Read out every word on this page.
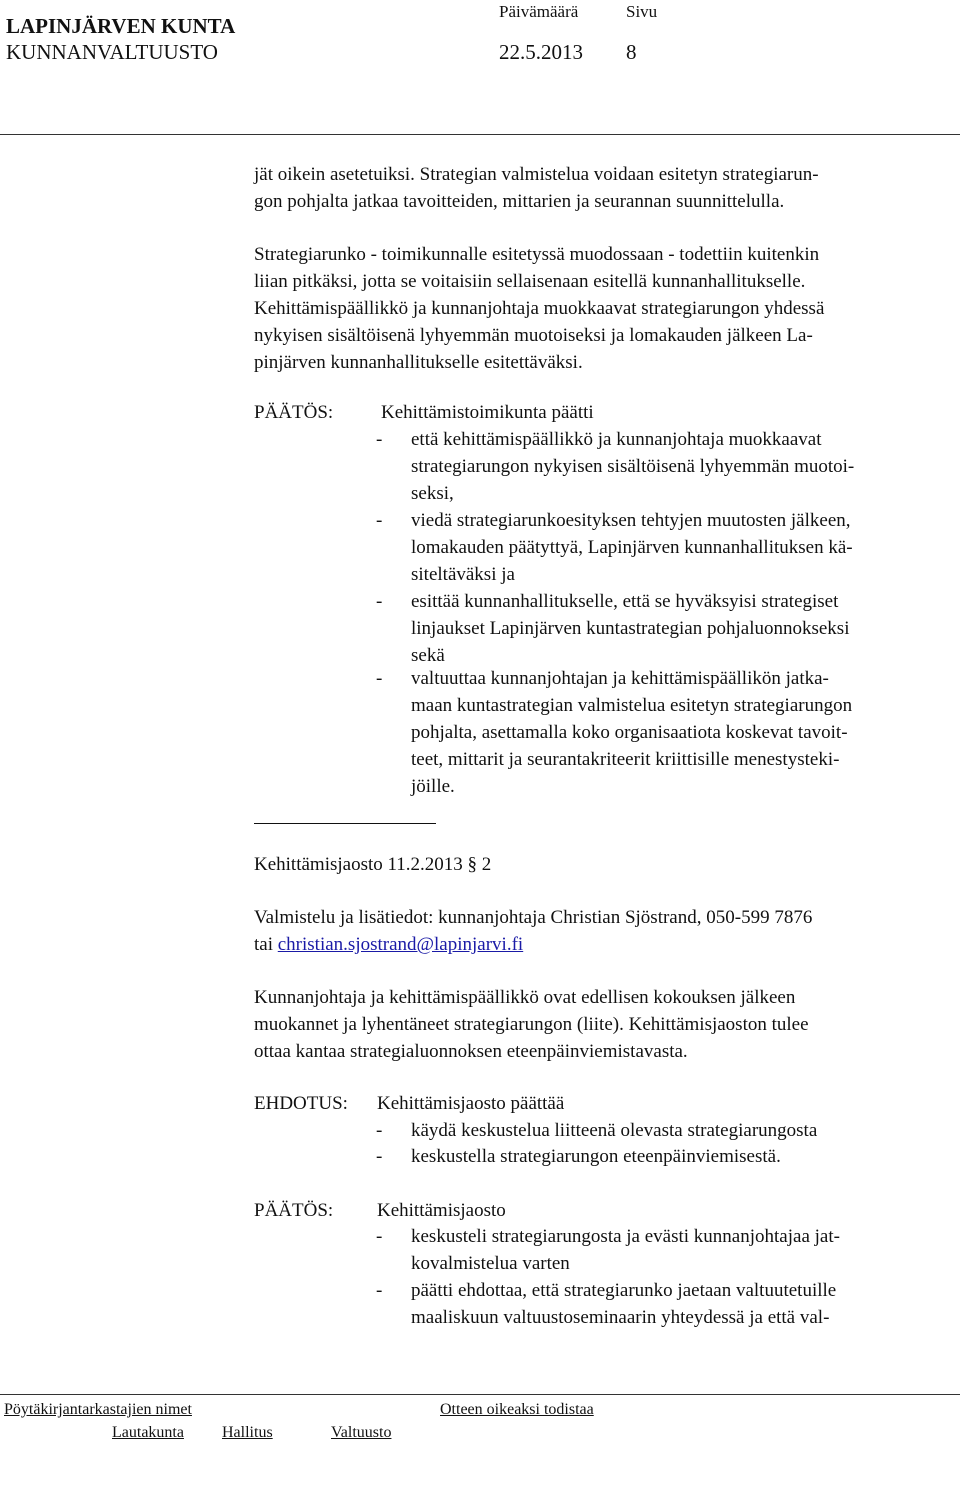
LAPINJÄRVEN KUNTA
KUNNANVALTUUSTO
Päivämäärä	Sivu
22.5.2013 8
jät oikein asetetuiksi. Strategian valmistelua voidaan esitetyn strategiarun-
gon pohjalta jatkaa tavoitteiden, mittarien ja seurannan suunnittelulla.
Strategiarunko - toimikunnalle esitetyssä muodossaan - todettiin kuitenkin
liian pitkäksi, jotta se voitaisiin sellaisenaan esitellä kunnanhallitukselle.
Kehittämispäällikkö ja kunnanjohtaja muokkaavat strategiarungon yhdessä
nykyisen sisältöisenä lyhyemmän muotoiseksi ja lomakauden jälkeen La-
pinjärven kunnanhallitukselle esitettäväksi.
PÄÄTÖS:	Kehittämistoimikunta päätti
- että kehittämispäällikkö ja kunnanjohtaja muokkaavat
strategiarungon nykyisen sisältöisenä lyhyemmän muotoi-
seksi,
- viedä strategiarunkoesityksen tehtyjen muutosten jälkeen,
lomakauden päätyttyä, Lapinjärven kunnanhallituksen kä-
siteltäväksi ja
- esittää kunnanhallitukselle, että se hyväksyisi strategiset
linjaukset Lapinjärven kuntastrategian pohjaluonnokseksi
sekä
- valtuuttaa kunnanjohtajan ja kehittämispäällikön jatka-
maan kuntastrategian valmistelua esitetyn strategiarungon
pohjalta, asettamalla koko organisaatiota koskevat tavoit-
teet, mittarit ja seurantakriteerit kriittisille menestysteki-
jöille.
Kehittämisjaosto 11.2.2013 § 2
Valmistelu ja lisätiedot: kunnanjohtaja Christian Sjöstrand, 050-599 7876
tai christian.sjostrand@lapinjarvi.fi
Kunnanjohtaja ja kehittämispäällikkö ovat edellisen kokouksen jälkeen
muokannet ja lyhentäneet strategiarungon (liite). Kehittämisjaoston tulee
ottaa kantaa strategialuonnoksen eteenpäinviemistavasta.
EHDOTUS: Kehittämisjaosto päättää
- käydä keskustelua liitteenä olevasta strategiarungosta
- keskustella strategiarungon eteenpäinviemisestä.
PÄÄTÖS: Kehittämisjaosto
- keskusteli strategiarungosta ja evästi kunnanjohtajaa jat-
kovalmistelua varten
- päätti ehdottaa, että strategiarunko jaetaan valtuutetuille
maaliskuun valtuustoseminaarin yhteydessä ja että val-
Pöytäkirjantarkastajien nimet	Otteen oikeaksi todistaa
Lautakunta Hallitus	Valtuusto
